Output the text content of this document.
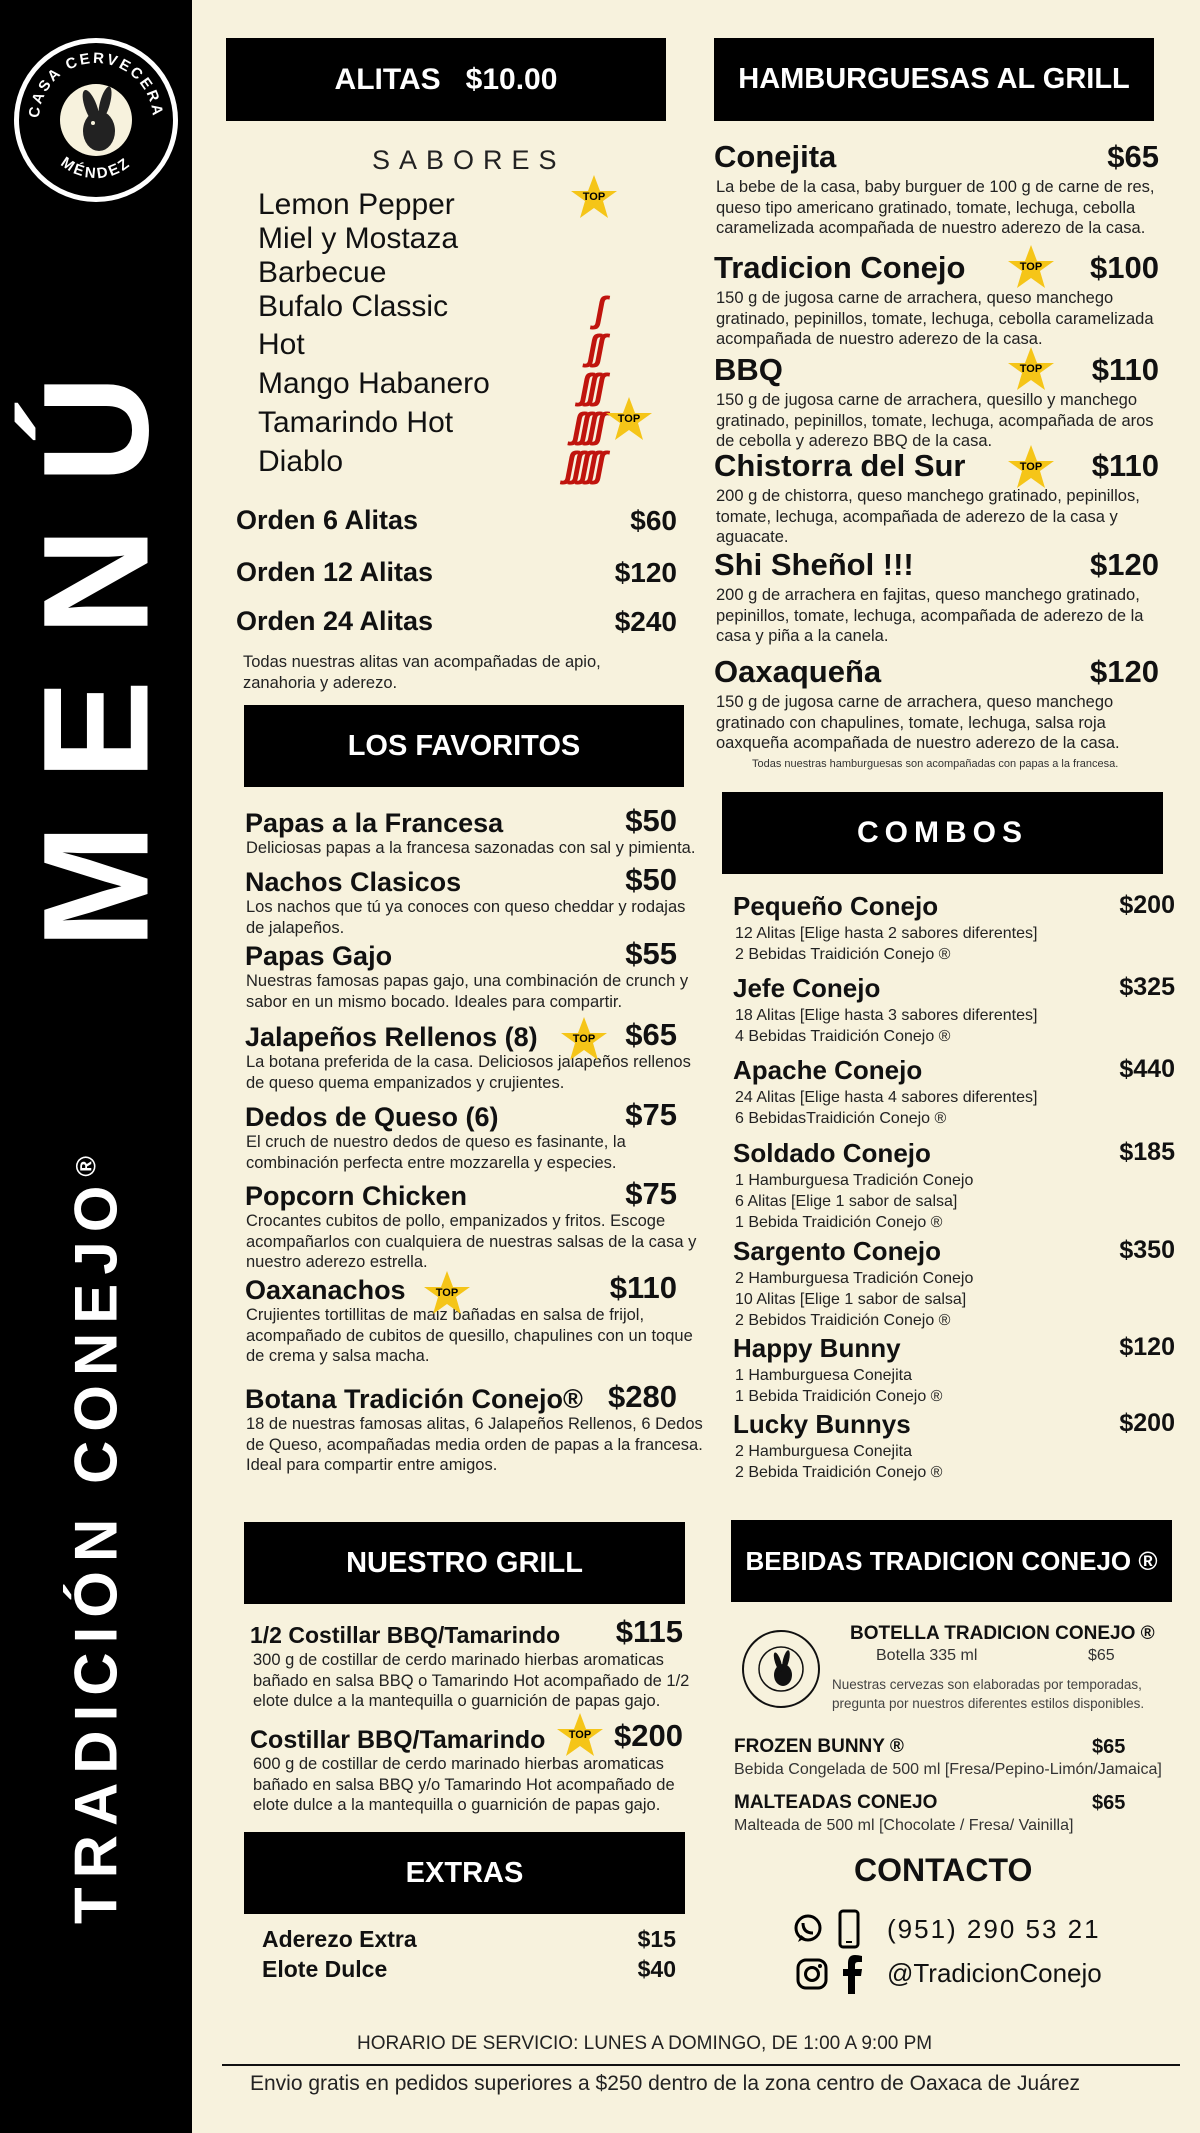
CASA CERVECERA
MÉNDEZ
MENÚ
TRADICIÓN CONEJO®
ALITAS
$10.00
SABORES
Lemon Pepper
Miel y Mostaza
Barbecue
Bufalo Classic	ʃ
Hot	ʃʃ
Mango Habanero ʃʃʃ
Tamarindo Hot	ʃʃʃʃ
Diablo	ʃʃʃʃʃ
TOP
TOP
Orden 6 Alitas	$60
Orden 12 Alitas	$120
Orden 24 Alitas	$240
Todas nuestras alitas van acompañadas de apio, zanahoria y aderezo.
LOS FAVORITOS
Papas a la Francesa	$50
Deliciosas papas a la francesa sazonadas con sal y pimienta.
Nachos Clasicos	$50
Los nachos que tú ya conoces con queso cheddar y rodajas de jalapeños.
Papas Gajo	$55
Nuestras famosas papas gajo, una combinación de crunch y sabor en un mismo bocado. Ideales para compartir.
Jalapeños Rellenos (8)	$65
La botana preferida de la casa. Deliciosos jalapeños rellenos de queso quema empanizados y crujientes.
Dedos de Queso (6)	$75
El cruch de nuestro dedos de queso es fasinante, la combinación perfecta entre mozzarella y especies.
Popcorn Chicken	$75
Crocantes cubitos de pollo, empanizados y fritos. Escoge acompañarlos con cualquiera de nuestras salsas de la casa y nuestro aderezo estrella.
Oaxanachos	$110
Crujientes tortillitas de maiz bañadas en salsa de frijol, acompañado de cubitos de quesillo, chapulines con un toque de crema y salsa macha.
Botana Tradición Conejo® $280
18 de nuestras famosas alitas, 6 Jalapeños Rellenos, 6 Dedos de Queso, acompañadas media orden de papas a la francesa. Ideal para compartir entre amigos.
TOP
TOP
NUESTRO GRILL
1/2 Costillar BBQ/Tamarindo	$115
300 g de costillar de cerdo marinado hierbas aromaticas bañado en salsa BBQ o Tamarindo Hot acompañado de 1/2 elote dulce a la mantequilla o guarnición de papas gajo.
Costillar BBQ/Tamarindo	$200
600 g de costillar de cerdo marinado hierbas aromaticas bañado en salsa BBQ y/o Tamarindo Hot acompañado de elote dulce a la mantequilla o guarnición de papas gajo.
TOP
EXTRAS
Aderezo Extra	$15
Elote Dulce	$40
HAMBURGUESAS AL GRILL
Conejita	$65
La bebe de la casa, baby burguer de 100 g de carne de res, queso tipo americano gratinado, tomate, lechuga, cebolla caramelizada acompañada de nuestro aderezo de la casa.
Tradicion Conejo	$100
150 g de jugosa carne de arrachera, queso manchego gratinado, pepinillos, tomate, lechuga, cebolla caramelizada acompañada de nuestro aderezo de la casa.
BBQ	$110
150 g de jugosa carne de arrachera, quesillo y manchego gratinado, pepinillos, tomate, lechuga, acompañada de aros de cebolla y aderezo BBQ de la casa.
Chistorra del Sur	$110
200 g de chistorra, queso manchego gratinado, pepinillos, tomate, lechuga, acompañada de aderezo de la casa y aguacate.
Shi Sheñol !!!	$120
200 g de arrachera en fajitas, queso manchego gratinado, pepinillos, tomate, lechuga, acompañada de aderezo de la casa y piña a la canela.
Oaxaqueña	$120
150 g de jugosa carne de arrachera, queso manchego gratinado con chapulines, tomate, lechuga, salsa roja oaxqueña acompañada de nuestro aderezo de la casa.
TOP
TOP
TOP
Todas nuestras hamburguesas son acompañadas con papas a la francesa.
COMBOS
Pequeño Conejo	$200
12 Alitas [Elige hasta 2 sabores diferentes]
2 Bebidas Traidición Conejo ®
Jefe Conejo	$325
18 Alitas [Elige hasta 3 sabores diferentes]
4 Bebidas Traidición Conejo ®
Apache Conejo	$440
24 Alitas [Elige hasta 4 sabores diferentes]
6 BebidasTraidición Conejo ®
Soldado Conejo	$185
1 Hamburguesa Tradición Conejo
6 Alitas [Elige 1 sabor de salsa]
1 Bebida Traidición Conejo ®
Sargento Conejo	$350
2 Hamburguesa Tradición Conejo
10 Alitas [Elige 1 sabor de salsa]
2 Bebidos Traidición Conejo ®
Happy Bunny	$120
1 Hamburguesa Conejita
1 Bebida Traidición Conejo ®
Lucky Bunnys	$200
2 Hamburguesa Conejita
2 Bebida Traidición Conejo ®
BEBIDAS TRADICION CONEJO ®
BOTELLA TRADICION CONEJO ®
Botella 335 ml	$65
Nuestras cervezas son elaboradas por temporadas, pregunta por nuestros diferentes estilos disponibles.
FROZEN BUNNY ®	$65
Bebida Congelada de 500 ml [Fresa/Pepino-Limón/Jamaica]
MALTEADAS CONEJO	$65
Malteada de 500 ml [Chocolate / Fresa/ Vainilla]
CONTACTO
(951) 290 53 21
@TradicionConejo
HORARIO DE SERVICIO: LUNES A DOMINGO, DE 1:00 A 9:00 PM
Envio gratis en pedidos superiores a $250 dentro de la zona centro de Oaxaca de Juárez
